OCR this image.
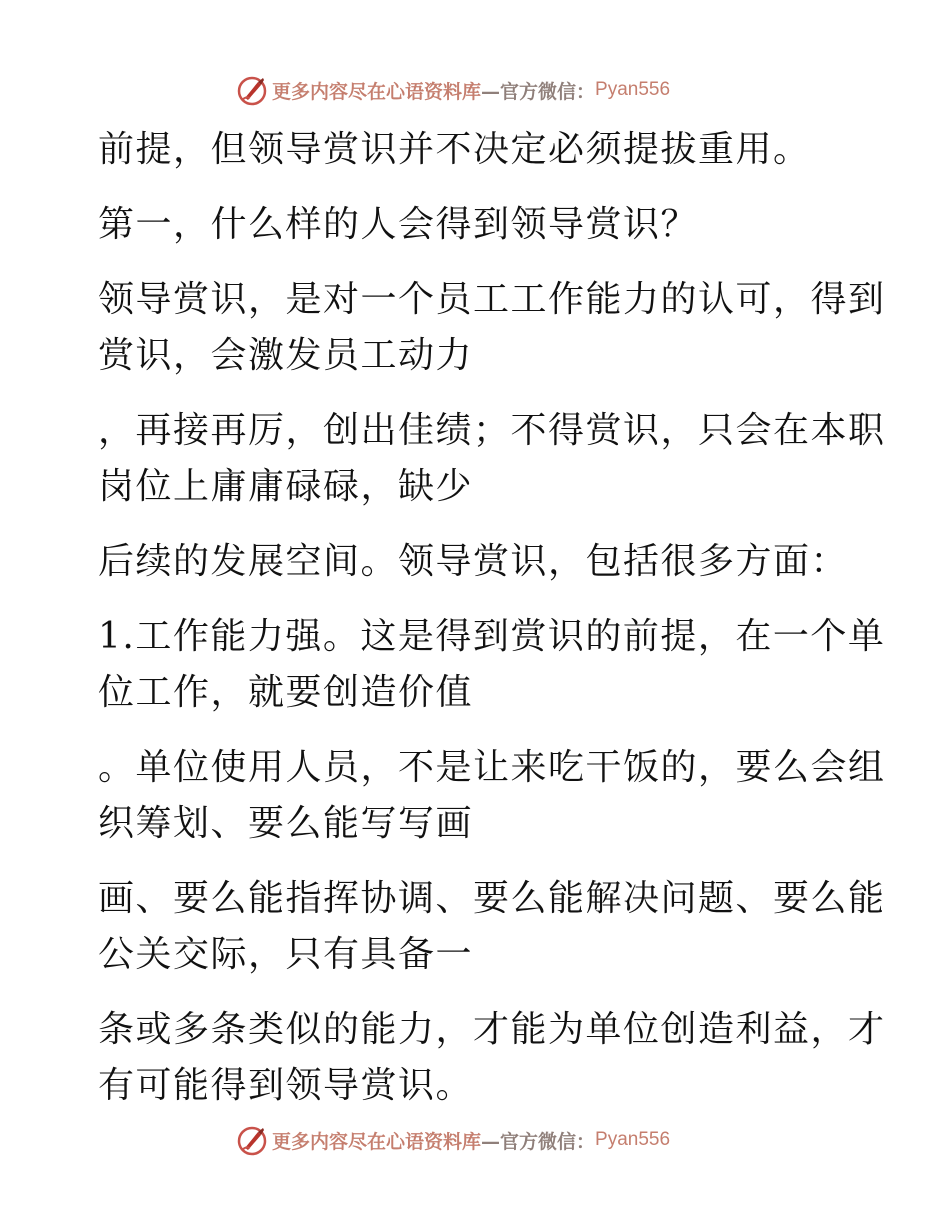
更多内容尽在心语资料库 —官方微信： Pyan556

前提，但领导赏识并不决定必须提拔重用。

第一，什么样的人会得到领导赏识？

领导赏识，是对一个员工工作能力的认可，得到
赏识，会激发员工动力

，再接再厉，创出佳绩；不得赏识，只会在本职
岗位上庸庸碌碌，缺少

后续的发展空间。领导赏识，包括很多方面：

1.工作能力强。这是得到赏识的前提，在一个单
位工作，就要创造价值

。单位使用人员，不是让来吃干饭的，要么会组
织筹划、要么能写写画

画、要么能指挥协调、要么能解决问题、要么能
公关交际，只有具备一

条或多条类似的能力，才能为单位创造利益，才
有可能得到领导赏识。

更多内容尽在心语资料库 —官方微信： Pyan556
